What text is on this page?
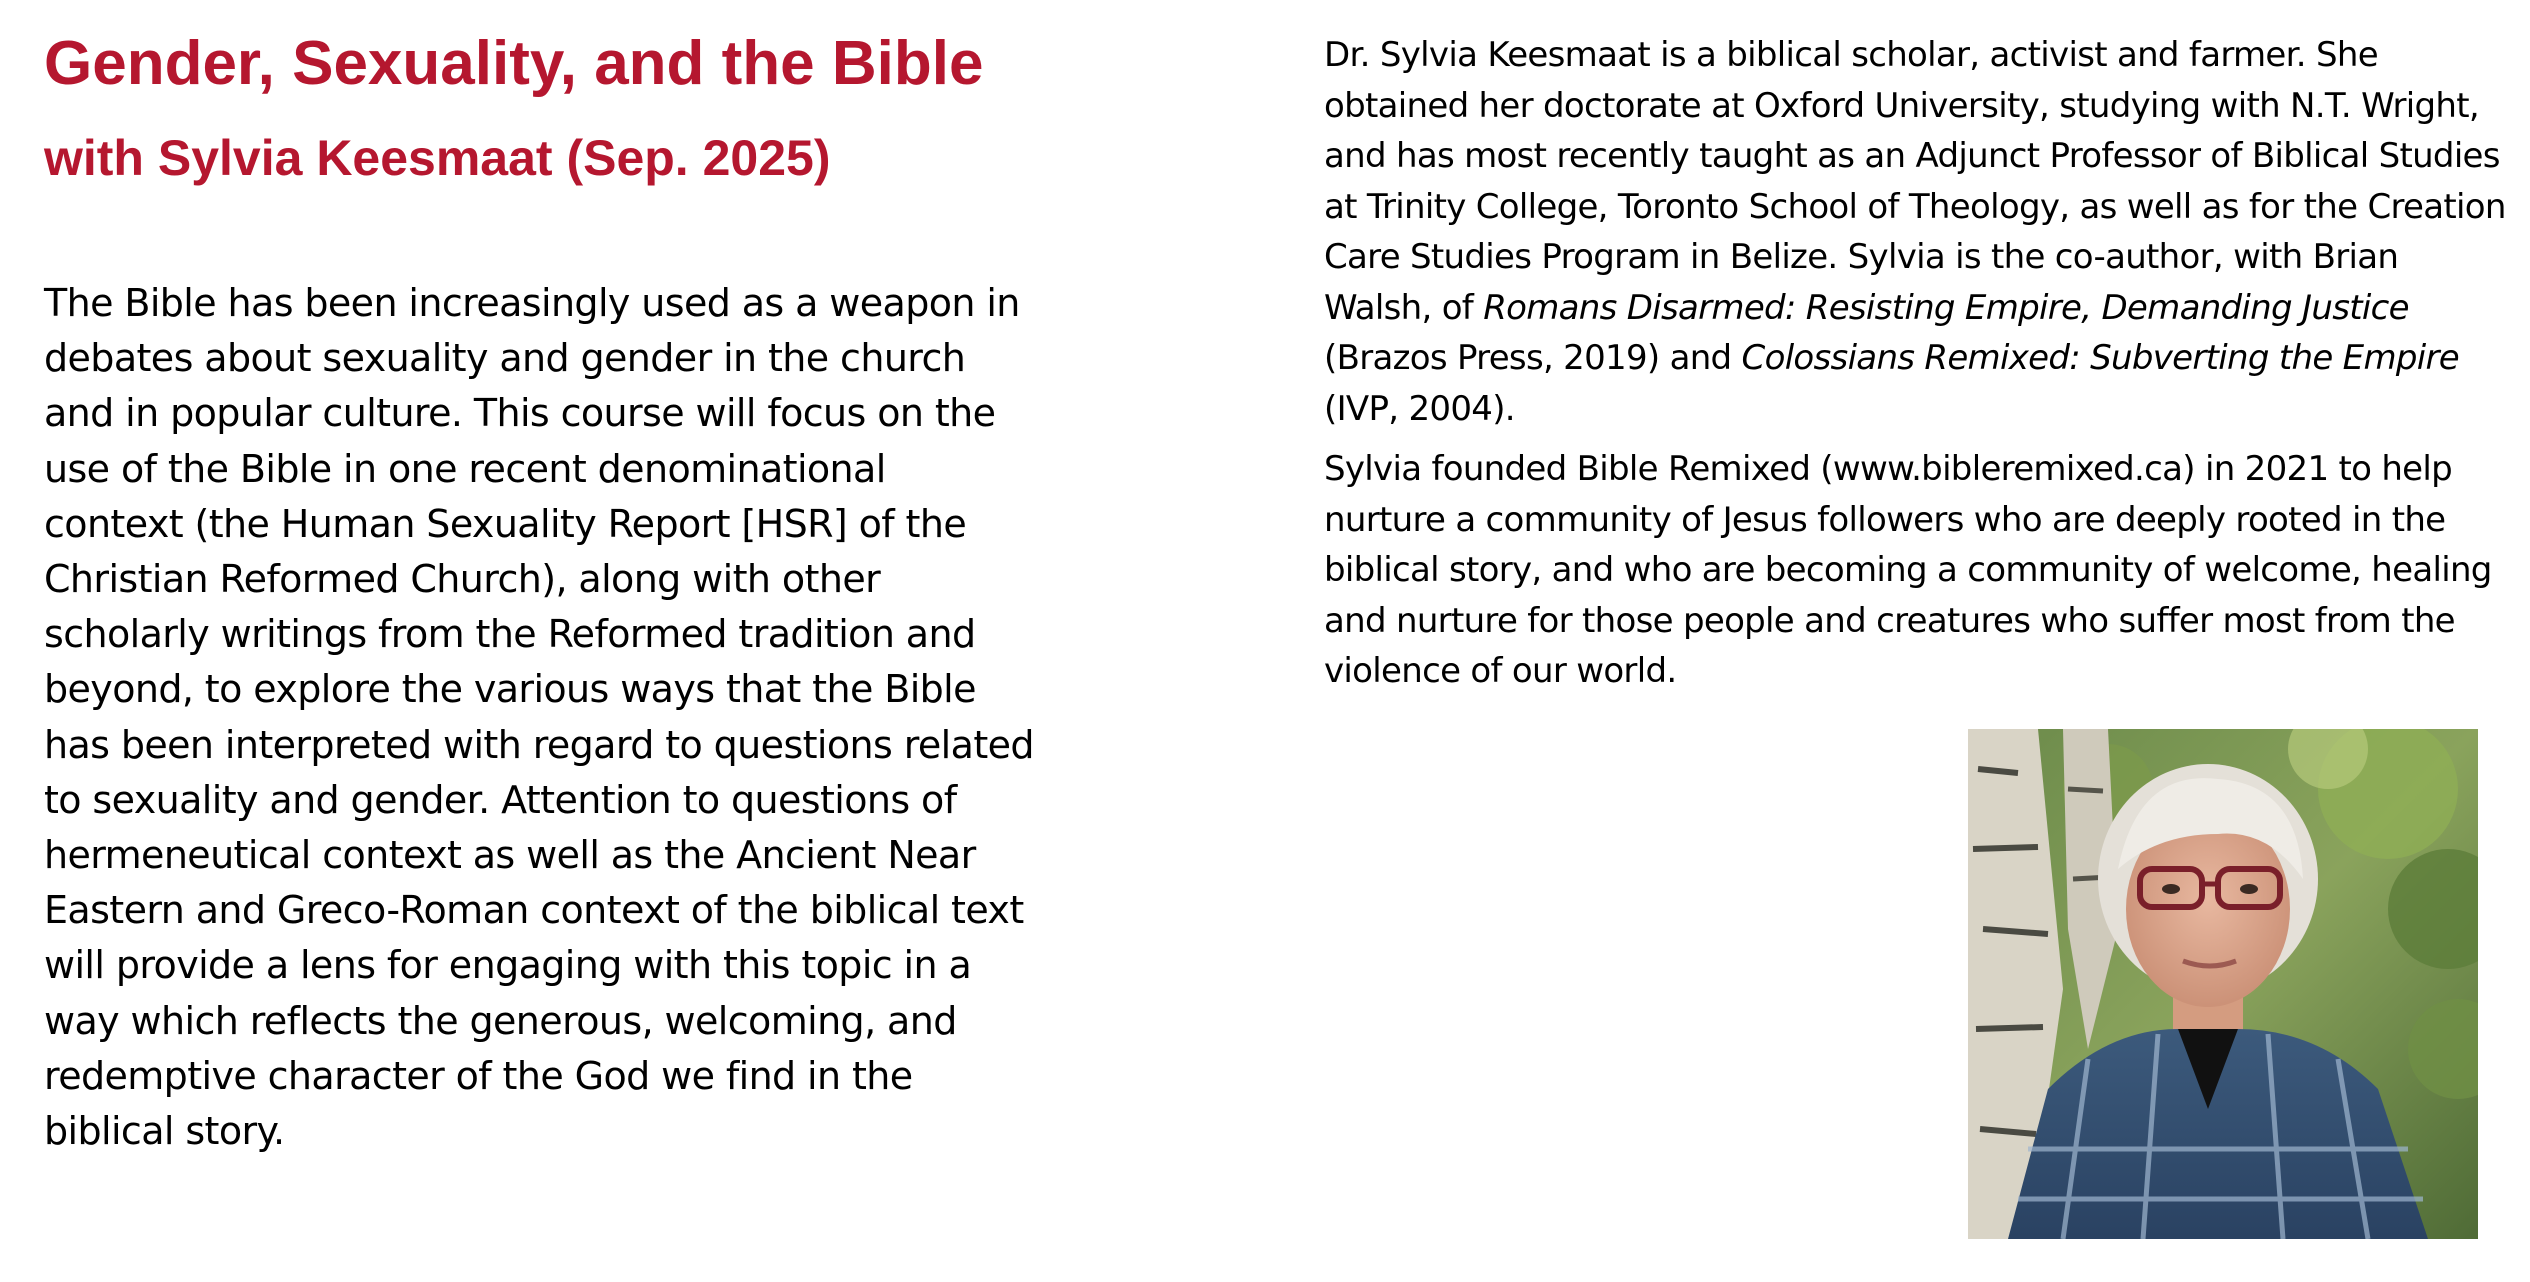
Gender, Sexuality, and the Bible
with Sylvia Keesmaat (Sep. 2025)

The Bible has been increasingly used as a weapon in debates about sexuality and gender in the church and in popular culture. This course will focus on the use of the Bible in one recent denominational context (the Human Sexuality Report [HSR] of the Christian Reformed Church), along with other scholarly writings from the Reformed tradition and beyond, to explore the various ways that the Bible has been interpreted with regard to questions related to sexuality and gender. Attention to questions of hermeneutical context as well as the Ancient Near Eastern and Greco-Roman context of the biblical text will provide a lens for engaging with this topic in a way which reflects the generous, welcoming, and redemptive character of the God we find in the biblical story.

Dr. Sylvia Keesmaat is a biblical scholar, activist and farmer. She obtained her doctorate at Oxford University, studying with N.T. Wright, and has most recently taught as an Adjunct Professor of Biblical Studies at Trinity College, Toronto School of Theology, as well as for the Creation Care Studies Program in Belize. Sylvia is the co-author, with Brian Walsh, of Romans Disarmed: Resisting Empire, Demanding Justice (Brazos Press, 2019) and Colossians Remixed: Subverting the Empire (IVP, 2004).

Sylvia founded Bible Remixed (www.bibleremixed.ca) in 2021 to help nurture a community of Jesus followers who are deeply rooted in the biblical story, and who are becoming a community of welcome, healing and nurture for those people and creatures who suffer most from the violence of our world.
